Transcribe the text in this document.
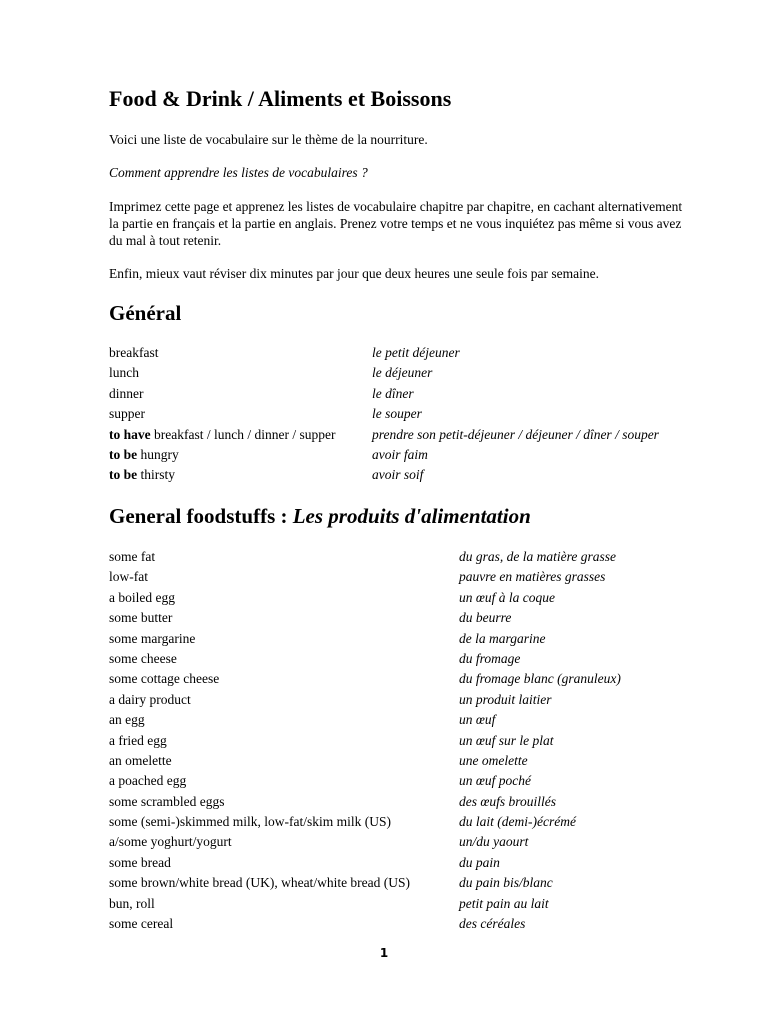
Food & Drink / Aliments et Boissons

Voici une liste de vocabulaire sur le thème de la nourriture.

Comment apprendre les listes de vocabulaires ?

Imprimez cette page et apprenez les listes de vocabulaire chapitre par chapitre, en cachant alternativement la partie en français et la partie en anglais. Prenez votre temps et ne vous inquiétez pas même si vous avez du mal à tout retenir.

Enfin, mieux vaut réviser dix minutes par jour que deux heures une seule fois par semaine.

Général
breakfast	le petit déjeuner
lunch	le déjeuner
dinner	le dîner
supper	le souper
to have breakfast / lunch / dinner / supper	prendre son petit-déjeuner / déjeuner / dîner / souper
to be hungry	avoir faim
to be thirsty	avoir soif
General foodstuffs : Les produits d'alimentation
some fat	du gras, de la matière grasse
low-fat	pauvre en matières grasses
a boiled egg	un œuf à la coque
some butter	du beurre
some margarine	de la margarine
some cheese	du fromage
some cottage cheese	du fromage blanc (granuleux)
a dairy product	un produit laitier
an egg	un œuf
a fried egg	un œuf sur le plat
an omelette	une omelette
a poached egg	un œuf poché
some scrambled eggs	des œufs brouillés
some (semi-)skimmed milk, low-fat/skim milk (US)	du lait (demi-)écrémé
a/some yoghurt/yogurt	un/du yaourt
some bread	du pain
some brown/white bread (UK), wheat/white bread (US)	du pain bis/blanc
bun, roll	petit pain au lait
some cereal	des céréales
1
